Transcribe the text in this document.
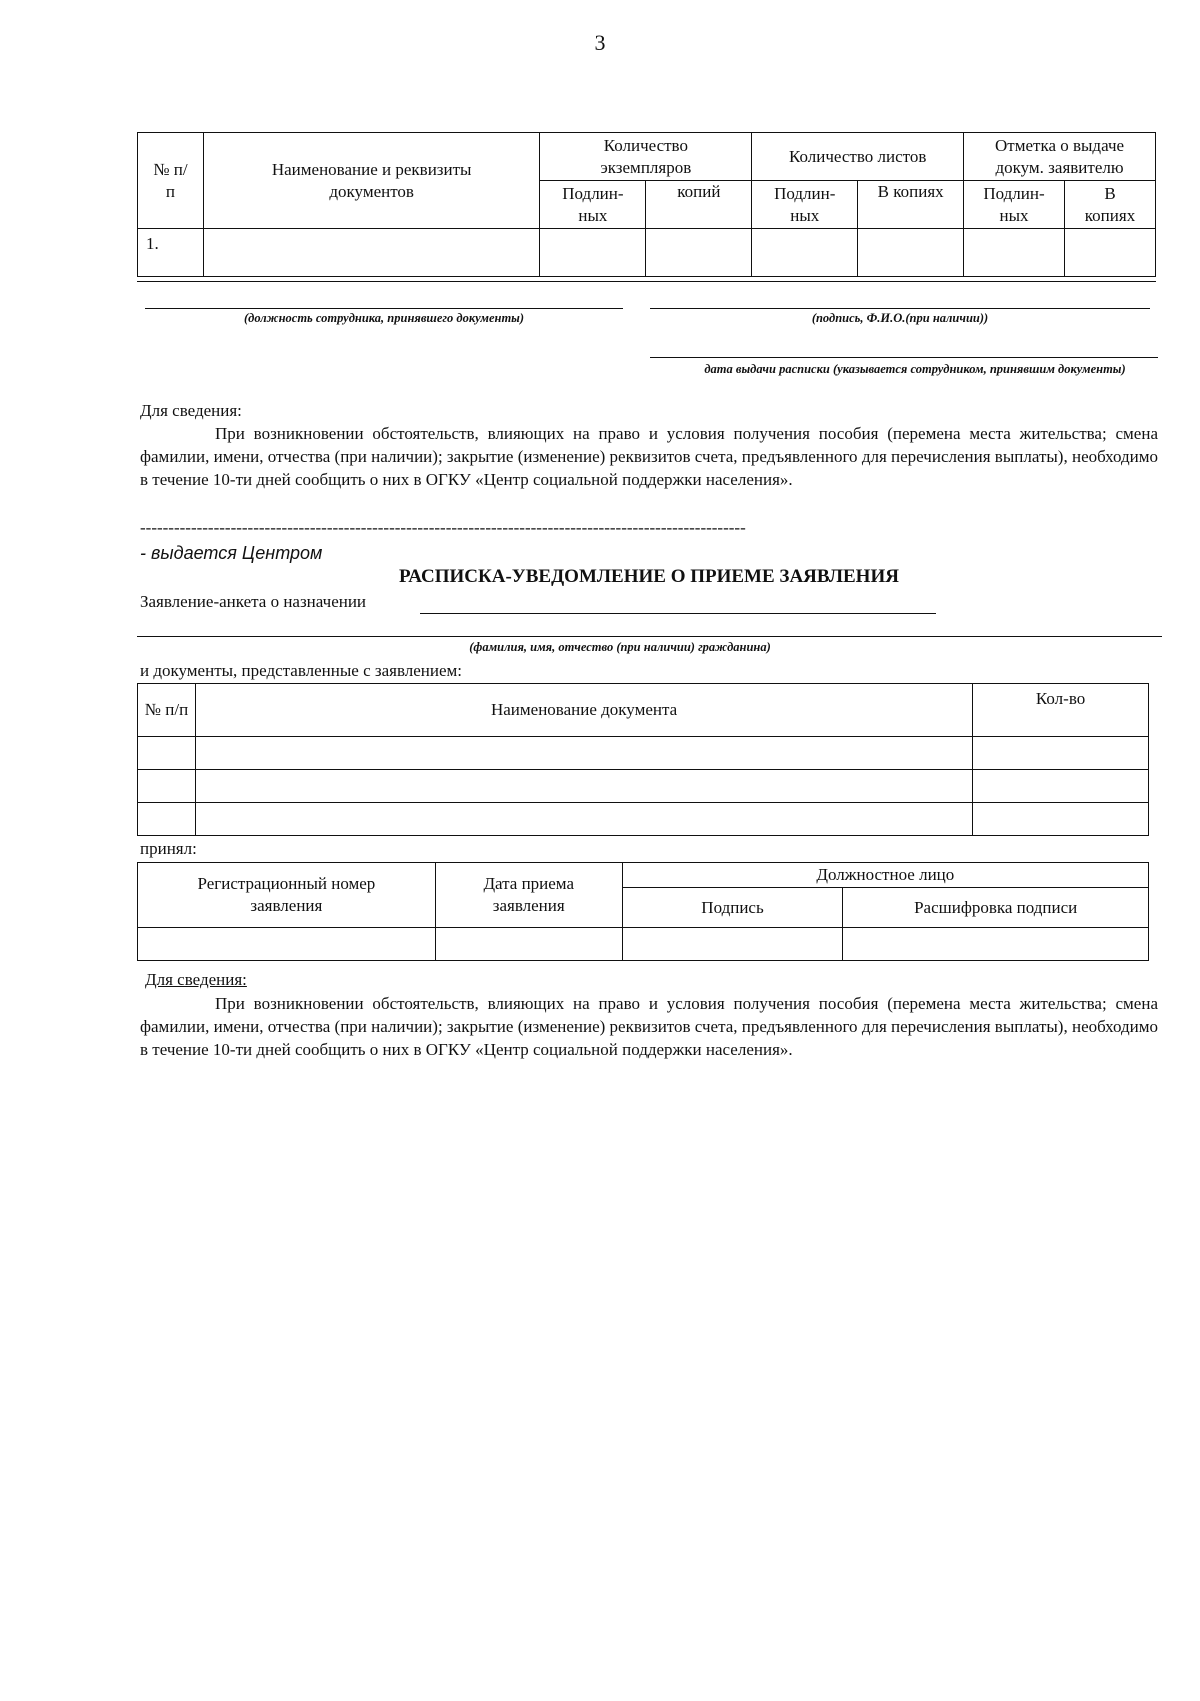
3
№ п/п	Наименование и реквизиты документов	Количество экземпляров		Количество листов		Отметка о выдаче докум. заявителю	
		Подлин-ных	копий	Подлин-ных	В копиях	Подлин-ных	В копиях
1.							
(должность сотрудника, принявшего документы)	(подпись, Ф.И.О.(при наличии))
дата выдачи расписки (указывается сотрудником, принявшим документы)
Для сведения:
При возникновении обстоятельств, влияющих на право и условия получения пособия (перемена места жительства; смена фамилии, имени, отчества (при наличии); закрытие (изменение) реквизитов счета, предъявленного для перечисления выплаты), необходимо в течение 10-ти дней сообщить о них в ОГКУ «Центр социальной поддержки населения».
-----------------------------------------------------------------------------------------------------------
- выдается Центром
РАСПИСКА-УВЕДОМЛЕНИЕ О ПРИЕМЕ ЗАЯВЛЕНИЯ
Заявление-анкета о назначении
(фамилия, имя, отчество (при наличии) гражданина)
и документы, представленные с заявлением:
№ п/п	Наименование документа	Кол-во

принял:
Регистрационный номер заявления	Дата приема заявления	Должностное лицо	
		Подпись	Расшифровка подписи

Для сведения:
При возникновении обстоятельств, влияющих на право и условия получения пособия (перемена места жительства; смена фамилии, имени, отчества (при наличии); закрытие (изменение) реквизитов счета, предъявленного для перечисления выплаты), необходимо в течение 10-ти дней сообщить о них в ОГКУ «Центр социальной поддержки населения».
